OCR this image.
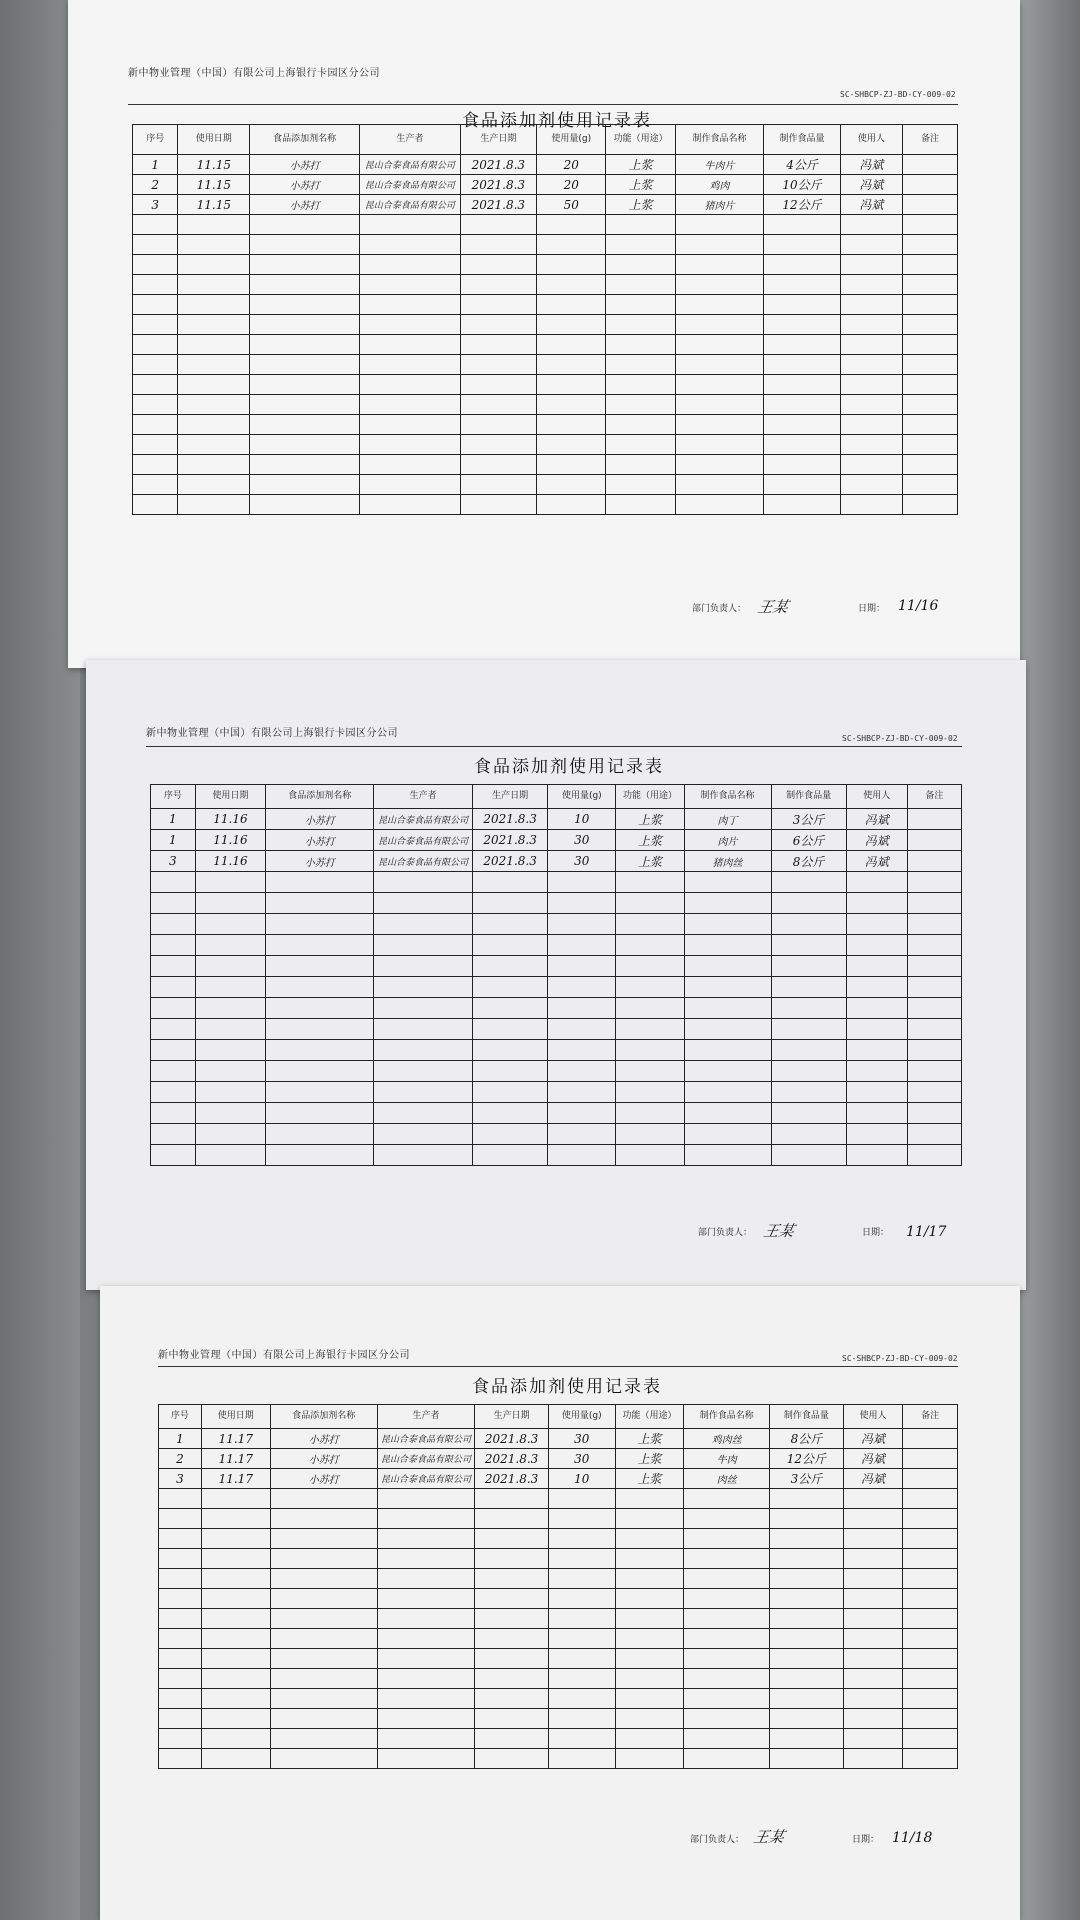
新中物业管理（中国）有限公司上海银行卡园区分公司
SC-SHBCP-ZJ-BD-CY-009-02
食品添加剂使用记录表
序号	使用日期	食品添加剂名称	生产者	生产日期	使用量(g)	功能（用途）	制作食品名称	制作食品量	使用人	备注
1	11.15	小苏打	昆山合泰食品有限公司	2021.8.3	20	上浆	牛肉片	4公斤	冯斌	
2	11.15	小苏打	昆山合泰食品有限公司	2021.8.3	20	上浆	鸡肉	10公斤	冯斌	
3	11.15	小苏打	昆山合泰食品有限公司	2021.8.3	50	上浆	猪肉片	12公斤	冯斌	

部门负责人： 王某	日期： 11/16
新中物业管理（中国）有限公司上海银行卡园区分公司	SC-SHBCP-ZJ-BD-CY-009-02
食品添加剂使用记录表
序号	使用日期	食品添加剂名称	生产者	生产日期	使用量(g)	功能（用途）	制作食品名称	制作食品量	使用人	备注
1	11.16	小苏打	昆山合泰食品有限公司	2021.8.3	10	上浆	肉丁	3公斤	冯斌	
1	11.16	小苏打	昆山合泰食品有限公司	2021.8.3	30	上浆	肉片	6公斤	冯斌	
3	11.16	小苏打	昆山合泰食品有限公司	2021.8.3	30	上浆	猪肉丝	8公斤	冯斌	

部门负责人： 王某	日期： 11/17
新中物业管理（中国）有限公司上海银行卡园区分公司	SC-SHBCP-ZJ-BD-CY-009-02
食品添加剂使用记录表
序号	使用日期	食品添加剂名称	生产者	生产日期	使用量(g)	功能（用途）	制作食品名称	制作食品量	使用人	备注
1	11.17	小苏打	昆山合泰食品有限公司	2021.8.3	30	上浆	鸡肉丝	8公斤	冯斌	
2	11.17	小苏打	昆山合泰食品有限公司	2021.8.3	30	上浆	牛肉	12公斤	冯斌	
3	11.17	小苏打	昆山合泰食品有限公司	2021.8.3	10	上浆	肉丝	3公斤	冯斌	

部门负责人： 王某	日期： 11/18
